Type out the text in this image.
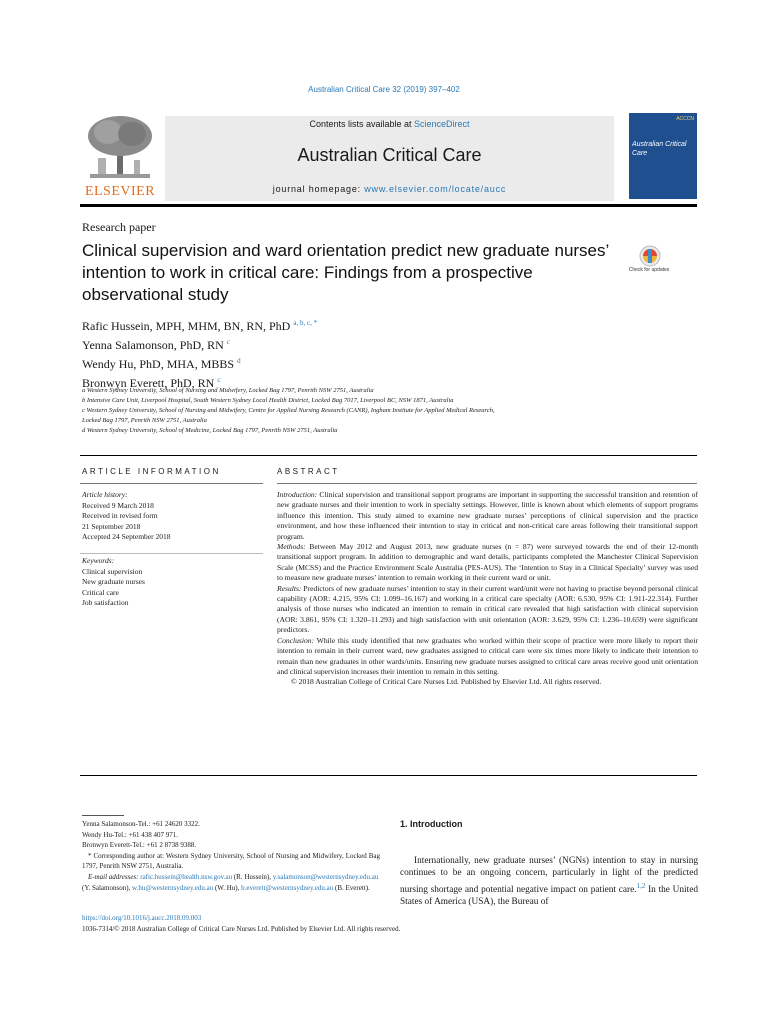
Australian Critical Care 32 (2019) 397–402
ELSEVIER
Contents lists available at ScienceDirect
Australian Critical Care
journal homepage: www.elsevier.com/locate/aucc
ACCCN
Australian Critical Care
Research paper
Clinical supervision and ward orientation predict new graduate nurses’ intention to work in critical care: Findings from a prospective observational study
Check for updates
Rafic Hussein, MPH, MHM, BN, RN, PhD $^{a, b, c, *}$
Yenna Salamonson, PhD, RN $^c$
Wendy Hu, PhD, MHA, MBBS $^d$
Bronwyn Everett, PhD, RN $^c$
a Western Sydney University, School of Nursing and Midwifery, Locked Bag 1797, Penrith NSW 2751, Australia
b Intensive Care Unit, Liverpool Hospital, South Western Sydney Local Health District, Locked Bag 7017, Liverpool BC, NSW 1871, Australia
c Western Sydney University, School of Nursing and Midwifery, Centre for Applied Nursing Research (CANR), Ingham Institute for Applied Medical Research,
Locked Bag 1797, Penrith NSW 2751, Australia
d Western Sydney University, School of Medicine, Locked Bag 1797, Penrith NSW 2751, Australia
ARTICLE INFORMATION	ABSTRACT
Article history:
Received 9 March 2018
Received in revised form
21 September 2018
Accepted 24 September 2018
Keywords:
Clinical supervision
New graduate nurses
Critical care
Job satisfaction

Introduction: Clinical supervision and transitional support programs are important in supporting the successful transition and retention of new graduate nurses and their intention to work in specialty settings. However, little is known about which elements of support programs influence this intention. This study aimed to examine new graduate nurses’ perceptions of clinical supervision and the practice environment, and how these influenced their intention to stay in critical and non-critical care areas following their transitional support program.

Methods: Between May 2012 and August 2013, new graduate nurses (n = 87) were surveyed towards the end of their 12-month transitional support program. In addition to demographic and ward details, participants completed the Manchester Clinical Supervision Scale (MCSS) and the Practice Environment Scale Australia (PES-AUS). The ‘Intention to Stay in a Clinical Specialty’ survey was used to measure new graduate nurses’ intention to remain working in their current ward or unit.

Results: Predictors of new graduate nurses’ intention to stay in their current ward/unit were not having to practise beyond personal clinical capability (AOR: 4.215, 95% CI: 1.099–16.167) and working in a critical care specialty (AOR: 6.530, 95% CI: 1.911-22.314). Further analysis of those nurses who indicated an intention to remain in critical care revealed that high satisfaction with clinical supervision (AOR: 3.861, 95% CI: 1.320–11.293) and high satisfaction with unit orientation (AOR: 3.629, 95% CI: 1.236–10.659) were significant predictors.

Conclusion: While this study identified that new graduates who worked within their scope of practice were more likely to report their intention to remain in their current ward, new graduates assigned to critical care were six times more likely to indicate their intention to remain than new graduates in other wards/units. Ensuring new graduate nurses assigned to critical care areas receive good unit orientation and clinical supervision increases their intention to remain in this setting.

© 2018 Australian College of Critical Care Nurses Ltd. Published by Elsevier Ltd. All rights reserved.

Yenna Salamonson-Tel.: +61 24620 3322.
Wendy Hu-Tel.: +61 438 407 971.
Bronwyn Everett-Tel.: +61 2 8738 9388.
* Corresponding author at: Western Sydney University, School of Nursing and Midwifery, Locked Bag 1797, Penrith NSW 2751, Australia.
E-mail addresses: rafic.hussein@health.nsw.gov.au (R. Hussein), y.salamonson@westernsydney.edu.au (Y. Salamonson), w.hu@westernsydney.edu.au (W. Hu), b.everett@westernsydney.edu.au (B. Everett).
https://doi.org/10.1016/j.aucc.2018.09.003
1036-7314/© 2018 Australian College of Critical Care Nurses Ltd. Published by Elsevier Ltd. All rights reserved.
1. Introduction
Internationally, new graduate nurses’ (NGNs) intention to stay in nursing continues to be an ongoing concern, particularly in light of the predicted nursing shortage and potential negative impact on patient care.$^{1,2}$ In the United States of America (USA), the Bureau of
